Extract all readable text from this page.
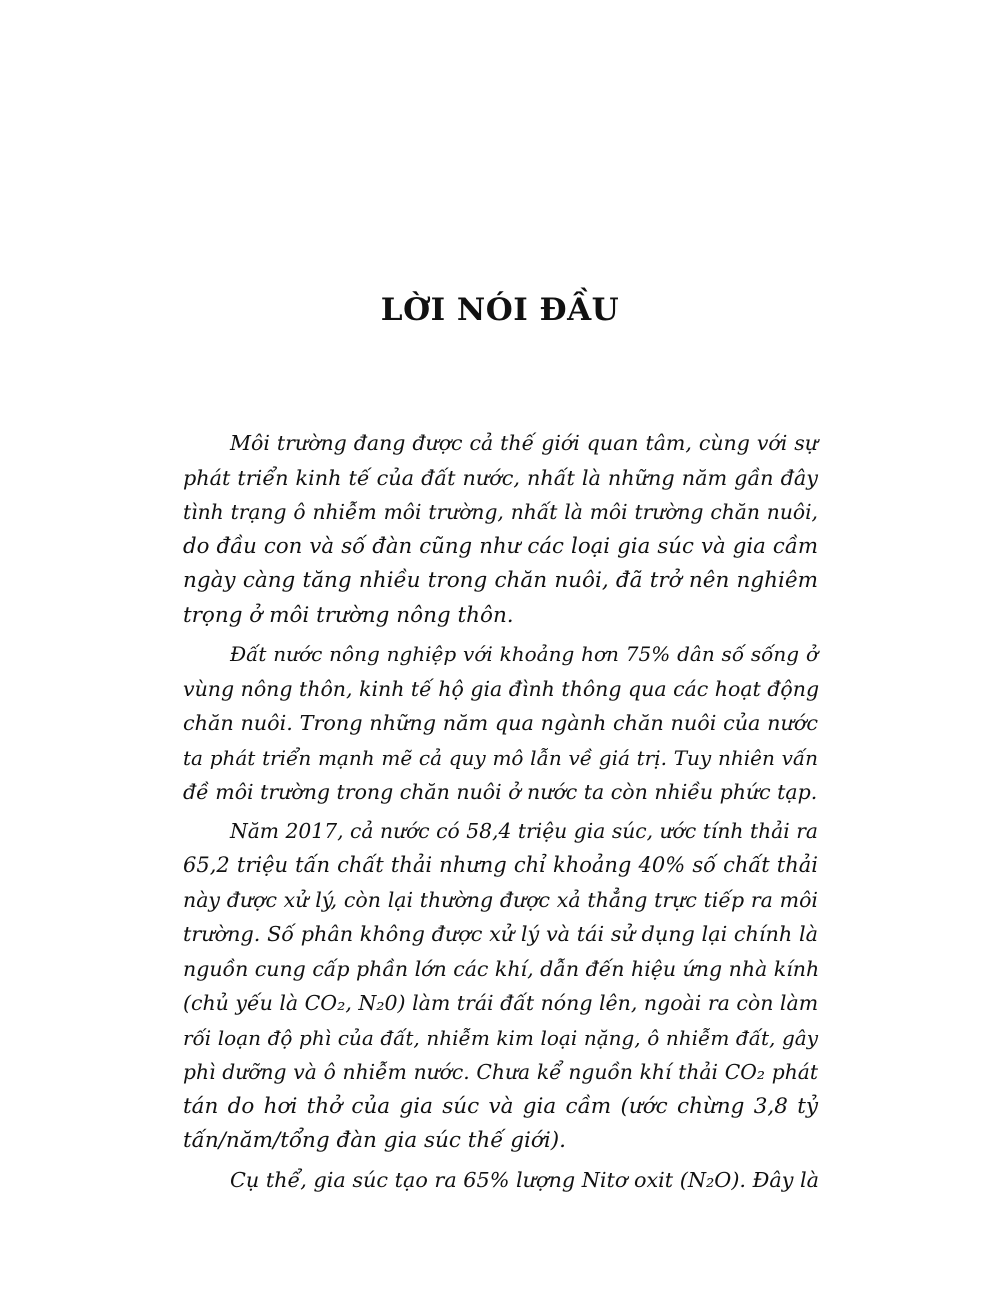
LỜI NÓI ĐẦU

Môi trường đang được cả thế giới quan tâm, cùng với sự
phát triển kinh tế của đất nước, nhất là những năm gần đây
tình trạng ô nhiễm môi trường, nhất là môi trường chăn nuôi,
do đầu con và số đàn cũng như các loại gia súc và gia cầm
ngày càng tăng nhiều trong chăn nuôi, đã trở nên nghiêm
trọng ở môi trường nông thôn.

Đất nước nông nghiệp với khoảng hơn 75% dân số sống ở
vùng nông thôn, kinh tế hộ gia đình thông qua các hoạt động
chăn nuôi. Trong những năm qua ngành chăn nuôi của nước
ta phát triển mạnh mẽ cả quy mô lẫn về giá trị. Tuy nhiên vấn
đề môi trường trong chăn nuôi ở nước ta còn nhiều phức tạp.

Năm 2017, cả nước có 58,4 triệu gia súc, ước tính thải ra
65,2 triệu tấn chất thải nhưng chỉ khoảng 40% số chất thải
này được xử lý, còn lại thường được xả thẳng trực tiếp ra môi
trường. Số phân không được xử lý và tái sử dụng lại chính là
nguồn cung cấp phần lớn các khí, dẫn đến hiệu ứng nhà kính
(chủ yếu là CO₂, N₂0) làm trái đất nóng lên, ngoài ra còn làm
rối loạn độ phì của đất, nhiễm kim loại nặng, ô nhiễm đất, gây
phì dưỡng và ô nhiễm nước. Chưa kể nguồn khí thải CO₂ phát
tán do hơi thở của gia súc và gia cầm (ước chừng 3,8 tỷ
tấn/năm/tổng đàn gia súc thế giới).

Cụ thể, gia súc tạo ra 65% lượng Nitơ oxit (N₂O). Đây là
